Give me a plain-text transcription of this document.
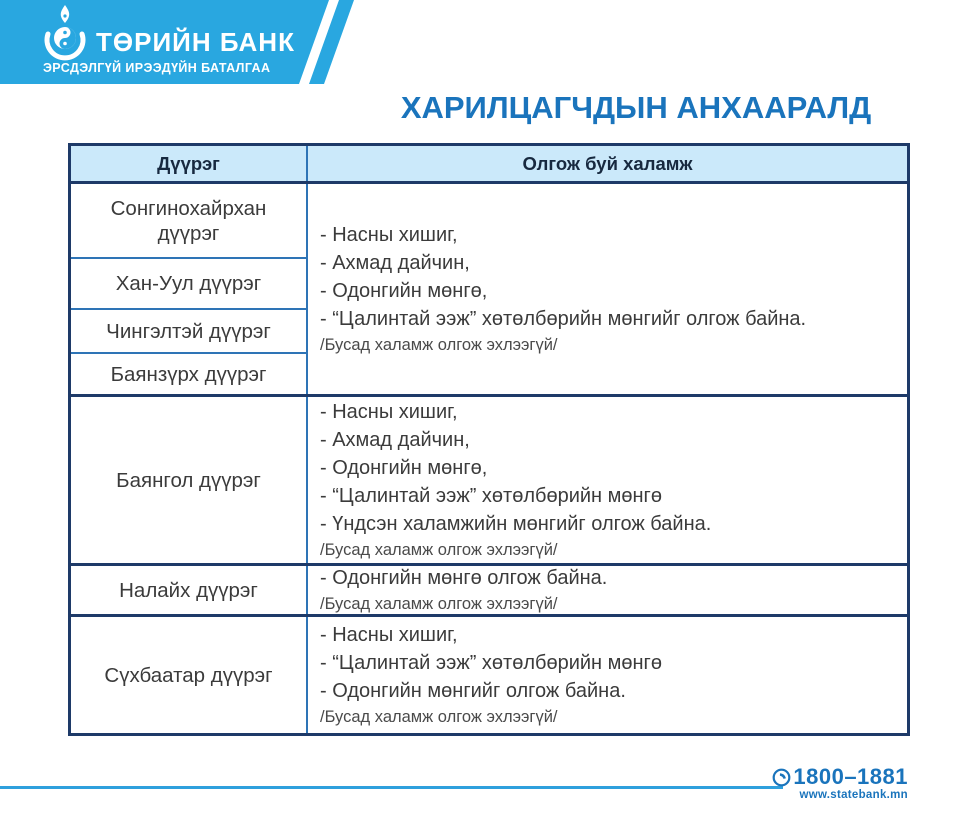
ТӨРИЙН БАНК
ЭРСДЭЛГҮЙ ИРЭЭДҮЙН БАТАЛГАА
ХАРИЛЦАГЧДЫН АНХААРАЛД
Дүүрэг	Олгож буй халамж
Сонгинохайрхан дүүрэг
Хан-Уул дүүрэг
Чингэлтэй дүүрэг
Баянзүрх дүүрэг
- Насны хишиг,
- Ахмад дайчин,
- Одонгийн мөнгө,
- “Цалинтай ээж” хөтөлбөрийн мөнгийг олгож байна.
/Бусад халамж олгож эхлээгүй/
Баянгол дүүрэг
- Насны хишиг,
- Ахмад дайчин,
- Одонгийн мөнгө,
- “Цалинтай ээж” хөтөлбөрийн мөнгө
- Үндсэн халамжийн мөнгийг олгож байна.
/Бусад халамж олгож эхлээгүй/
Налайх дүүрэг
- Одонгийн мөнгө олгож байна.
/Бусад халамж олгож эхлээгүй/
Сүхбаатар дүүрэг
- Насны хишиг,
- “Цалинтай ээж” хөтөлбөрийн мөнгө
- Одонгийн мөнгийг олгож байна.
/Бусад халамж олгож эхлээгүй/
1800–1881
www.statebank.mn
